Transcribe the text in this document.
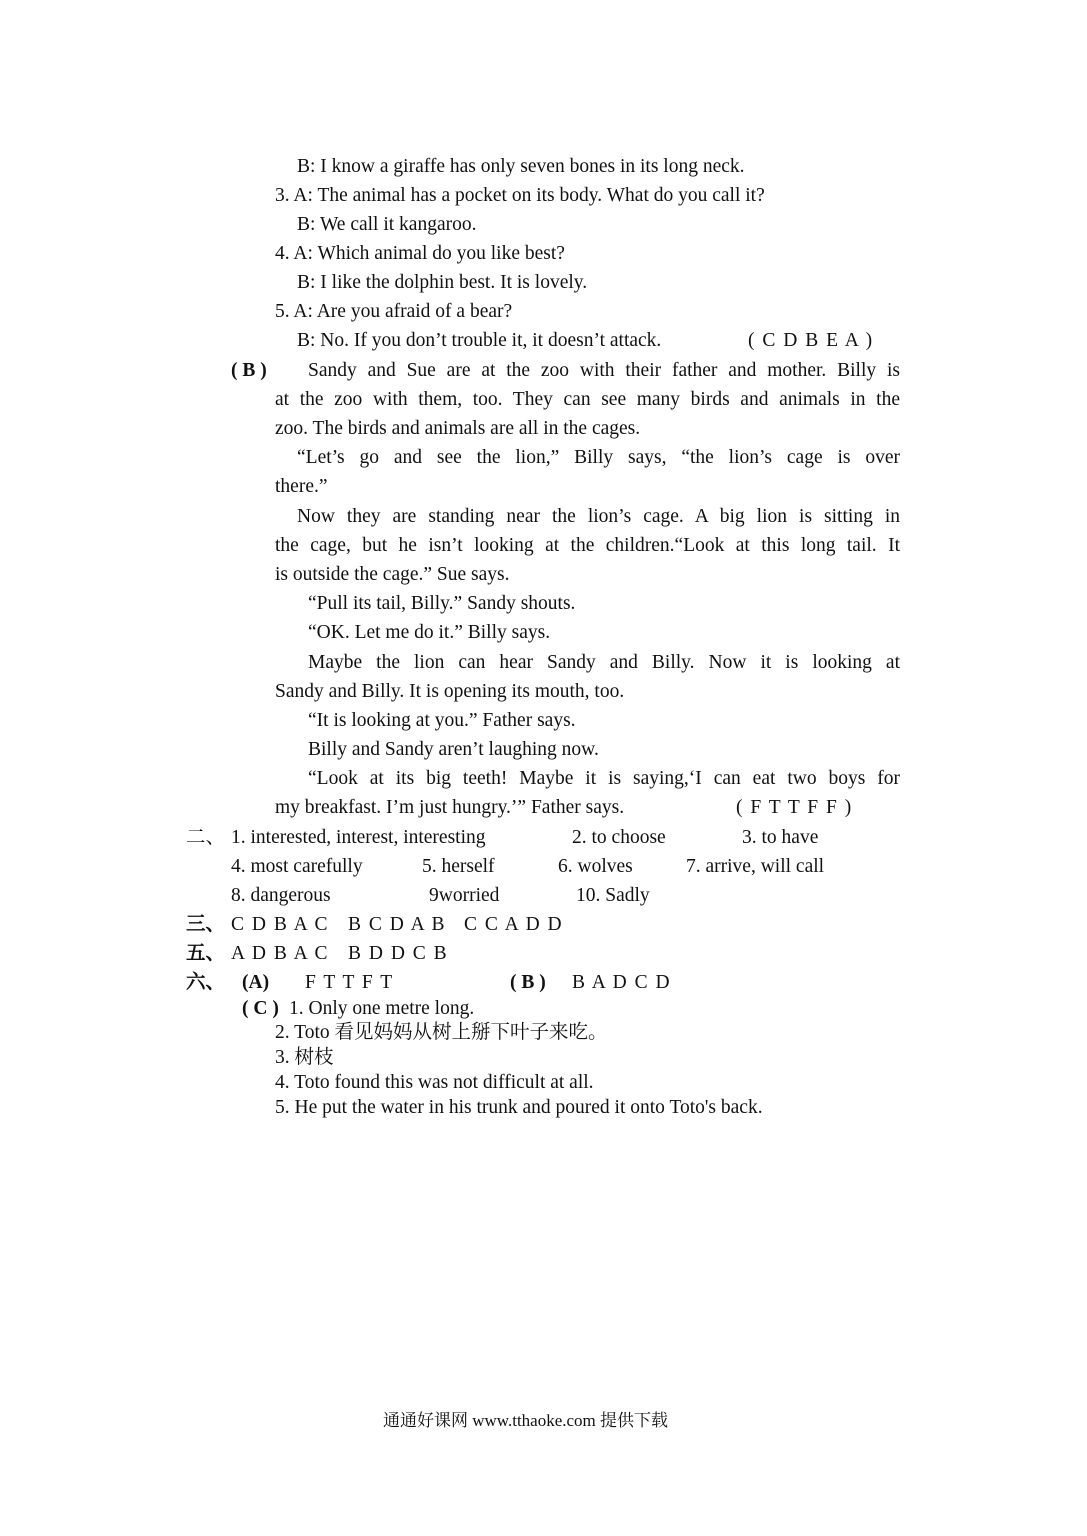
B: I know a giraffe has only seven bones in its long neck.
3. A: The animal has a pocket on its body. What do you call it?
B: We call it kangaroo.
4. A: Which animal do you like best?
B: I like the dolphin best. It is lovely.
5. A: Are you afraid of a bear?
B: No. If you don’t trouble it, it doesn’t attack.	( C D B E A )
( B ) Sandy and Sue are at the zoo with their father and mother. Billy is
at the zoo with them, too. They can see many birds and animals in the
zoo. The birds and animals are all in the cages.
“Let’s go and see the lion,” Billy says, “the lion’s cage is over
there.”
Now they are standing near the lion’s cage. A big lion is sitting in
the cage, but he isn’t looking at the children.“Look at this long tail. It
is outside the cage.” Sue says.
“Pull its tail, Billy.” Sandy shouts.
“OK. Let me do it.” Billy says.
Maybe the lion can hear Sandy and Billy. Now it is looking at
Sandy and Billy. It is opening its mouth, too.
“It is looking at you.” Father says.
Billy and Sandy aren’t laughing now.
“Look at its big teeth! Maybe it is saying,‘I can eat two boys for
my breakfast. I’m just hungry.’” Father says.	( F T T F F )
二、 1. interested, interest, interesting	2. to choose	3. to have
4. most carefully	5. herself	6. wolves	7. arrive, will call
8. dangerous	9worried	10. Sadly
三、 C D B A C B C D A B C C A D D
五、 A D B A C B D D C B
六、 (A) F T T F T	( B ) B A D C D
( C ) 1. Only one metre long.
2. Toto 看见妈妈从树上掰下叶子来吃。
3. 树枝
4. Toto found this was not difficult at all.
5. He put the water in his trunk and poured it onto Toto's back.
通通好课网 www.tthaoke.com 提供下载
